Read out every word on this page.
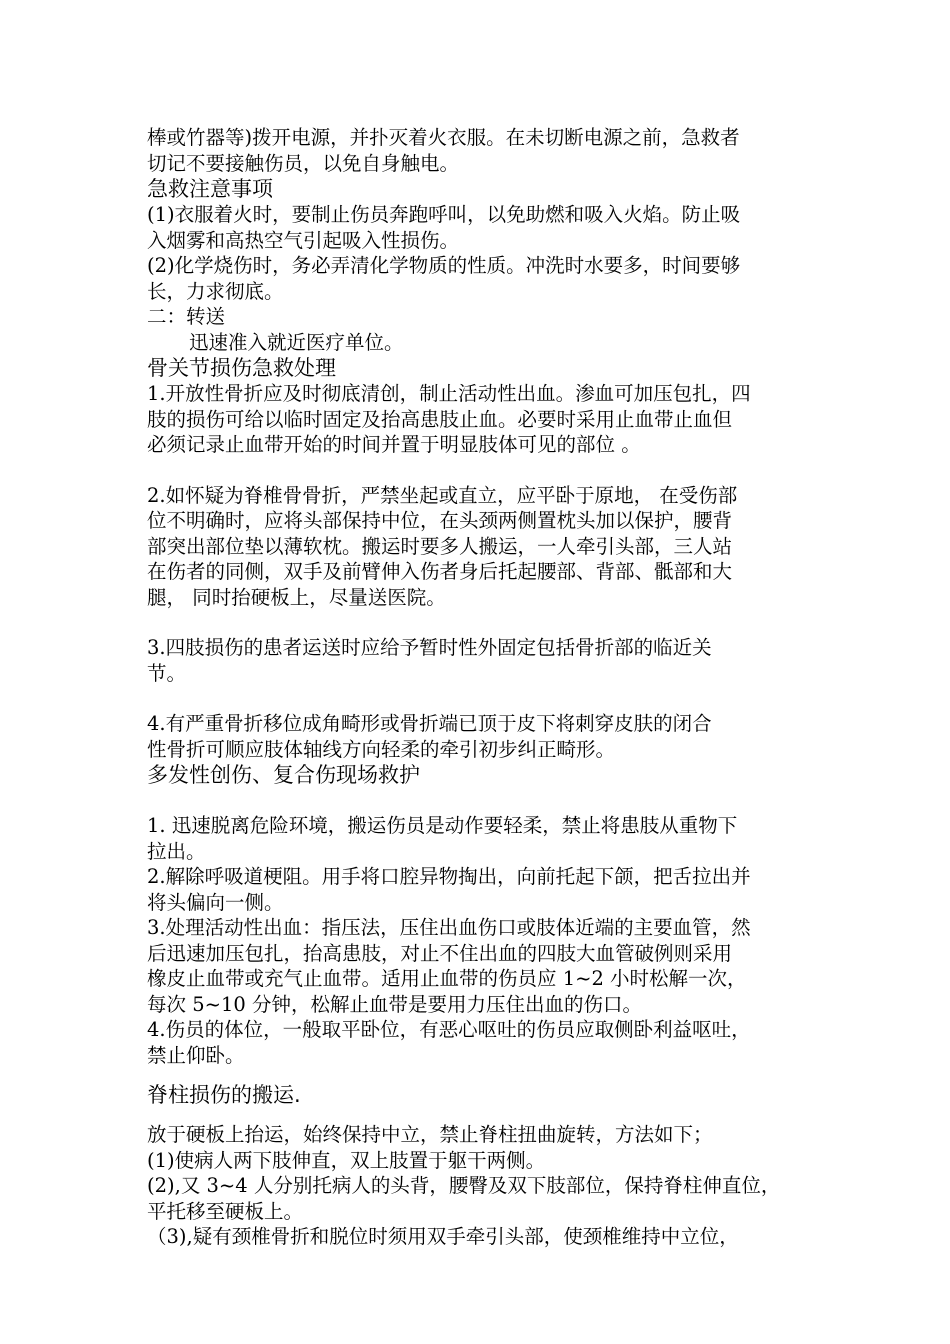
棒或竹器等)拨开电源，并扑灭着火衣服。在未切断电源之前，急救者
切记不要接触伤员，以免自身触电。
急救注意事项
(1)衣服着火时，要制止伤员奔跑呼叫，以免助燃和吸入火焰。防止吸
入烟雾和高热空气引起吸入性损伤。
(2)化学烧伤时，务必弄清化学物质的性质。冲洗时水要多，时间要够
长，力求彻底。
二：转送
迅速准入就近医疗单位。
骨关节损伤急救处理
1.开放性骨折应及时彻底清创，制止活动性出血。渗血可加压包扎，四
肢的损伤可给以临时固定及抬高患肢止血。必要时采用止血带止血但
必须记录止血带开始的时间并置于明显肢体可见的部位 。
2.如怀疑为脊椎骨骨折，严禁坐起或直立，应平卧于原地， 在受伤部
位不明确时，应将头部保持中位，在头颈两侧置枕头加以保护，腰背
部突出部位垫以薄软枕。搬运时要多人搬运，一人牵引头部，三人站
在伤者的同侧，双手及前臂伸入伤者身后托起腰部、背部、骶部和大
腿， 同时抬硬板上，尽量送医院。
3.四肢损伤的患者运送时应给予暂时性外固定包括骨折部的临近关
节。
4.有严重骨折移位成角畸形或骨折端已顶于皮下将刺穿皮肤的闭合
性骨折可顺应肢体轴线方向轻柔的牵引初步纠正畸形。
多发性创伤、复合伤现场救护
1. 迅速脱离危险环境，搬运伤员是动作要轻柔，禁止将患肢从重物下
拉出。
2.解除呼吸道梗阻。用手将口腔异物掏出，向前托起下颌，把舌拉出并
将头偏向一侧。
3.处理活动性出血：指压法，压住出血伤口或肢体近端的主要血管，然
后迅速加压包扎，抬高患肢，对止不住出血的四肢大血管破例则采用
橡皮止血带或充气止血带。适用止血带的伤员应 1~2 小时松解一次，
每次 5~10 分钟，松解止血带是要用力压住出血的伤口。
4.伤员的体位，一般取平卧位，有恶心呕吐的伤员应取侧卧利益呕吐，
禁止仰卧。
脊柱损伤的搬运.
放于硬板上抬运，始终保持中立，禁止脊柱扭曲旋转，方法如下；
(1)使病人两下肢伸直，双上肢置于躯干两侧。
(2),又 3~4 人分别托病人的头背，腰臀及双下肢部位，保持脊柱伸直位，
平托移至硬板上。
（3),疑有颈椎骨折和脱位时须用双手牵引头部，使颈椎维持中立位，
